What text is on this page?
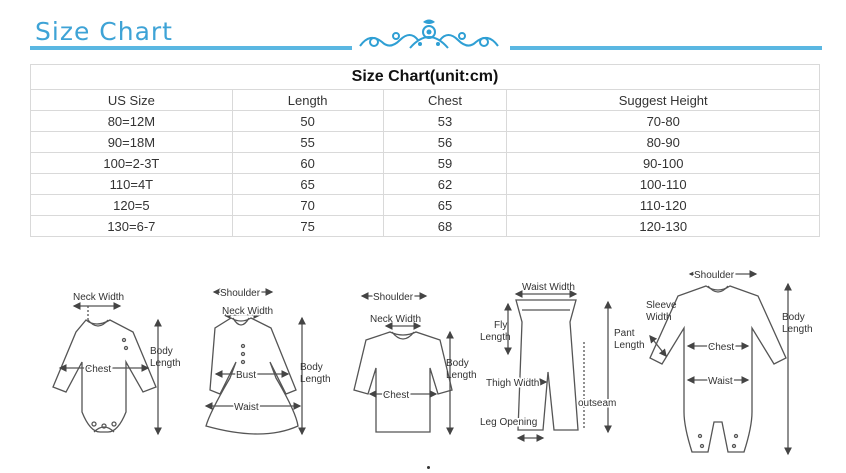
Size Chart
Size Chart(unit:cm)			
US Size	Length	Chest	Suggest Height
80=12M	50	53	70-80
90=18M	55	56	80-90
100=2-3T	60	59	90-100
110=4T	65	62	100-110
120=5	70	65	110-120
130=6-7	75	68	120-130
Neck Width
Chest
Body Length
Shoulder
Neck Width
Bust
Waist
Body Length
Shoulder
Neck Width
Chest
Body Length
Waist Width
Fly Length	Pant Length
Thigh Width
outseam
Leg Opening
Shoulder
Sleeve Width	Body Length
Chest
Waist
